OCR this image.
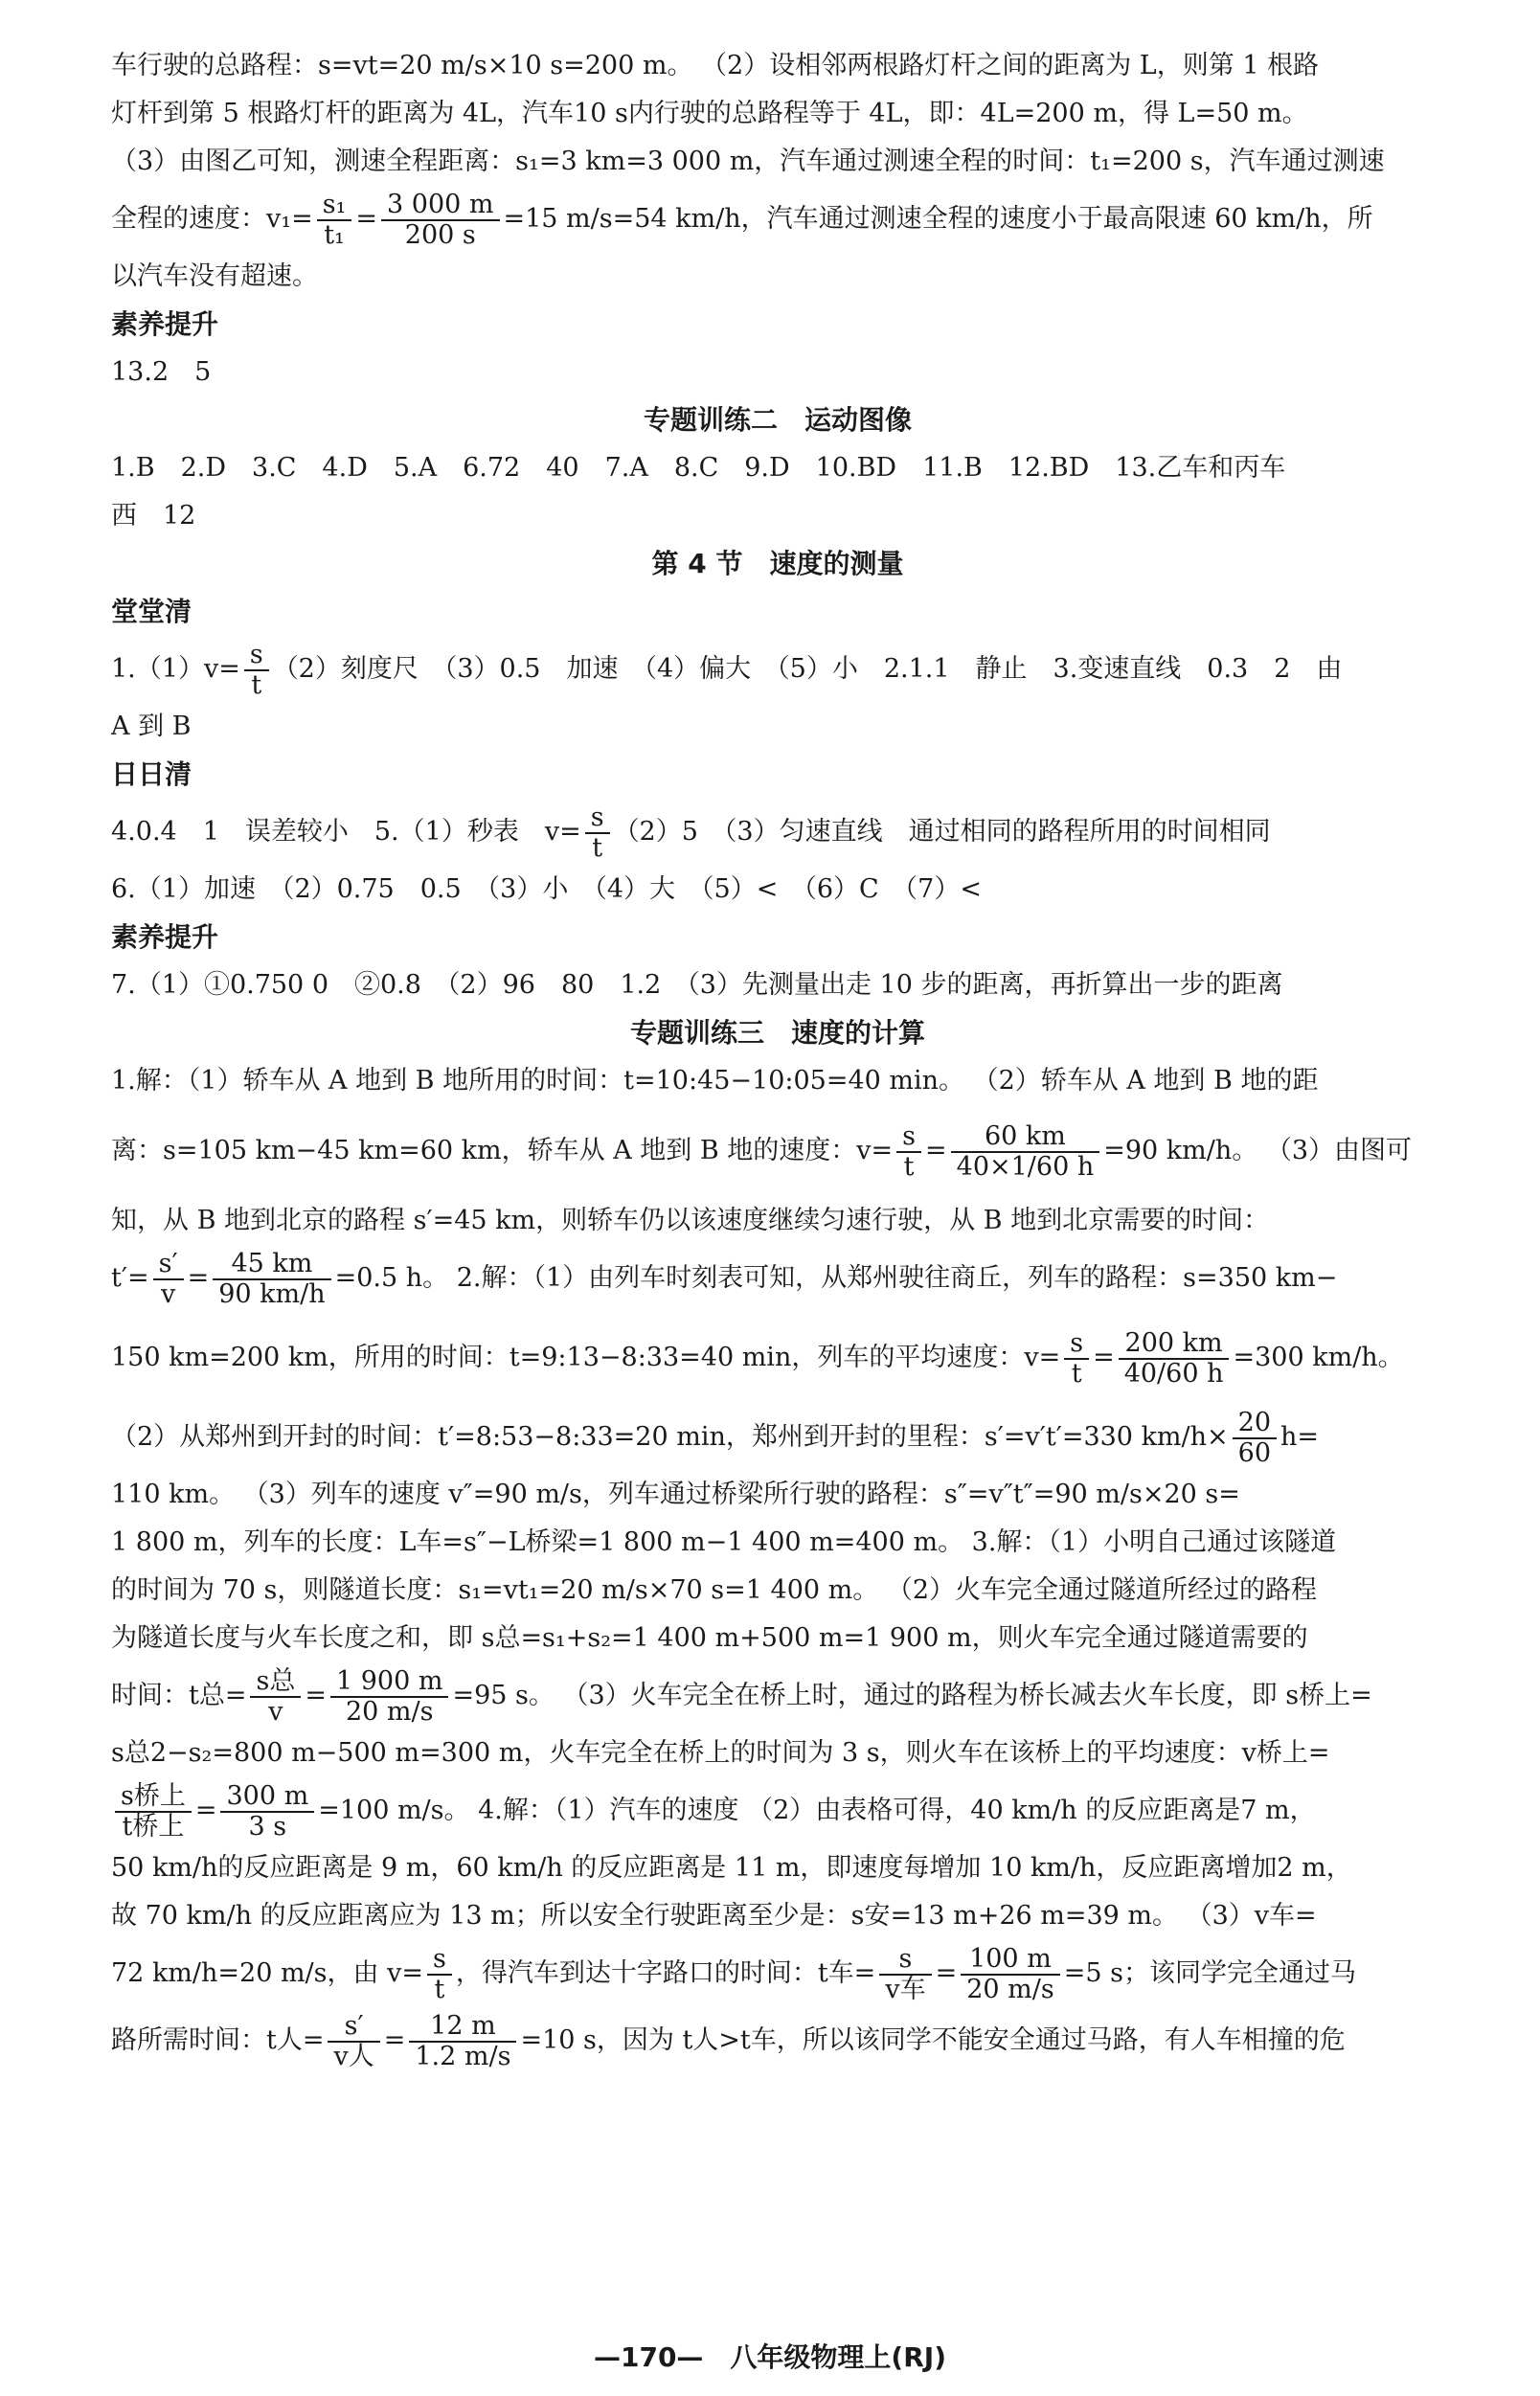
车行驶的总路程：s=vt=20 m/s×10 s=200 m。 （2）设相邻两根路灯杆之间的距离为 L，则第 1 根路

灯杆到第 5 根路灯杆的距离为 4L，汽车10 s内行驶的总路程等于 4L，即：4L=200 m，得 L=50 m。

（3）由图乙可知，测速全程距离：s₁=3 km=3 000 m，汽车通过测速全程的时间：t₁=200 s，汽车通过测速

全程的速度：$v_1= \frac{\text{s₁}}{\text{t₁}} = \frac{3 000 m}{200 s} =15$ m/s=54 km/h，汽车通过测速全程的速度小于最高限速 60 km/h，所

以汽车没有超速。

素养提升

13.2　5

专题训练二　运动图像

1.B　2.D　3.C　4.D　5.A　6.72　40　7.A　8.C　9.D　10.BD　11.B　12.BD　13.乙车和丙车

西　12

第 4 节　速度的测量

堂堂清

$1.(1)v= \frac{s}{t} (2)$刻度尺　（3）0.5　加速　（4）偏大　（5）小　2.1.1　静止　3.变速直线　0.3　2　由

A 到 B

日日清

4.0.4　1　误差较小　5.（1）秒表　$v= \frac{s}{t} (2)5$　（3）匀速直线　通过相同的路程所用的时间相同

6.（1）加速　（2）0.75　0.5　（3）小　（4）大　（5）<　（6）C　（7）<

素养提升

7.（1）①0.750 0　②0.8　（2）96　80　1.2　（3）先测量出走 10 步的距离，再折算出一步的距离

专题训练三　速度的计算

1.解：（1）轿车从 A 地到 B 地所用的时间：t=10:45−10:05=40 min。 （2）轿车从 A 地到 B 地的距

离：s=105 km−45 km=60 km，轿车从 A 地到 B 地的速度：$v= \frac{s}{t} = \frac{60 km}{40\times 1/60 h} =90$ km/h。 （3）由图可

知，从 B 地到北京的路程 s′=45 km，则轿车仍以该速度继续匀速行驶，从 B 地到北京需要的时间：

$t'= \frac{s'}{v} = \frac{45 km}{90 km/h} =0.5$ h。 2.解：（1）由列车时刻表可知，从郑州驶往商丘，列车的路程：s=350 km−

150 km=200 km，所用的时间：t=9:13−8:33=40 min，列车的平均速度：$v= \frac{s}{t} = \frac{200 km}{40/60 h} =300$ km/h。

（2）从郑州到开封的时间：t′=8:53−8:33=20 min，郑州到开封的里程：s′=v′t′=330 $km/h\times \frac{20}{60} h=$

110 km。 （3）列车的速度 v″=90 m/s，列车通过桥梁所行驶的路程：s″=v″t″=90 m/s×20 s=

1 800 m，列车的长度：L车=s″−L桥梁=1 800 m−1 400 m=400 m。 3.解：（1）小明自己通过该隧道

的时间为 70 s，则隧道长度：s₁=vt₁=20 m/s×70 s=1 400 m。 （2）火车完全通过隧道所经过的路程

为隧道长度与火车长度之和，即 s总=s₁+s₂=1 400 m+500 m=1 900 m，则火车完全通过隧道需要的

时间：t总= $\frac{\text{s总}}{v} = \frac{1 900 m}{20 m/s} =95$ s。 （3）火车完全在桥上时，通过的路程为桥长减去火车长度，即 s桥上=

s总2−s₂=800 m−500 m=300 m，火车完全在桥上的时间为 3 s，则火车在该桥上的平均速度：v桥上=

$\frac{\text{s桥上}}{\text{t桥上}} = \frac{300 m}{3 s} =100$ m/s。 4.解：（1）汽车的速度 （2）由表格可得，40 km/h 的反应距离是7 m，

50 km/h的反应距离是 9 m，60 km/h 的反应距离是 11 m，即速度每增加 10 km/h，反应距离增加2 m，

故 70 km/h 的反应距离应为 13 m；所以安全行驶距离至少是：s安=13 m+26 m=39 m。 （3）v车=

72 km/h=20 m/s，由 $v= \frac{s}{t}$ ，得汽车到达十字路口的时间：t车= $\frac{s}{\text{v车}} = \frac{100 m}{20 m/s} =5$ s；该同学完全通过马

路所需时间：t人= $\frac{s'}{\text{v人}} = \frac{12 m}{1.2 m/s} =10$ s，因为 t人>t车，所以该同学不能安全通过马路，有人车相撞的危

—170—　八年级物理上(RJ)
